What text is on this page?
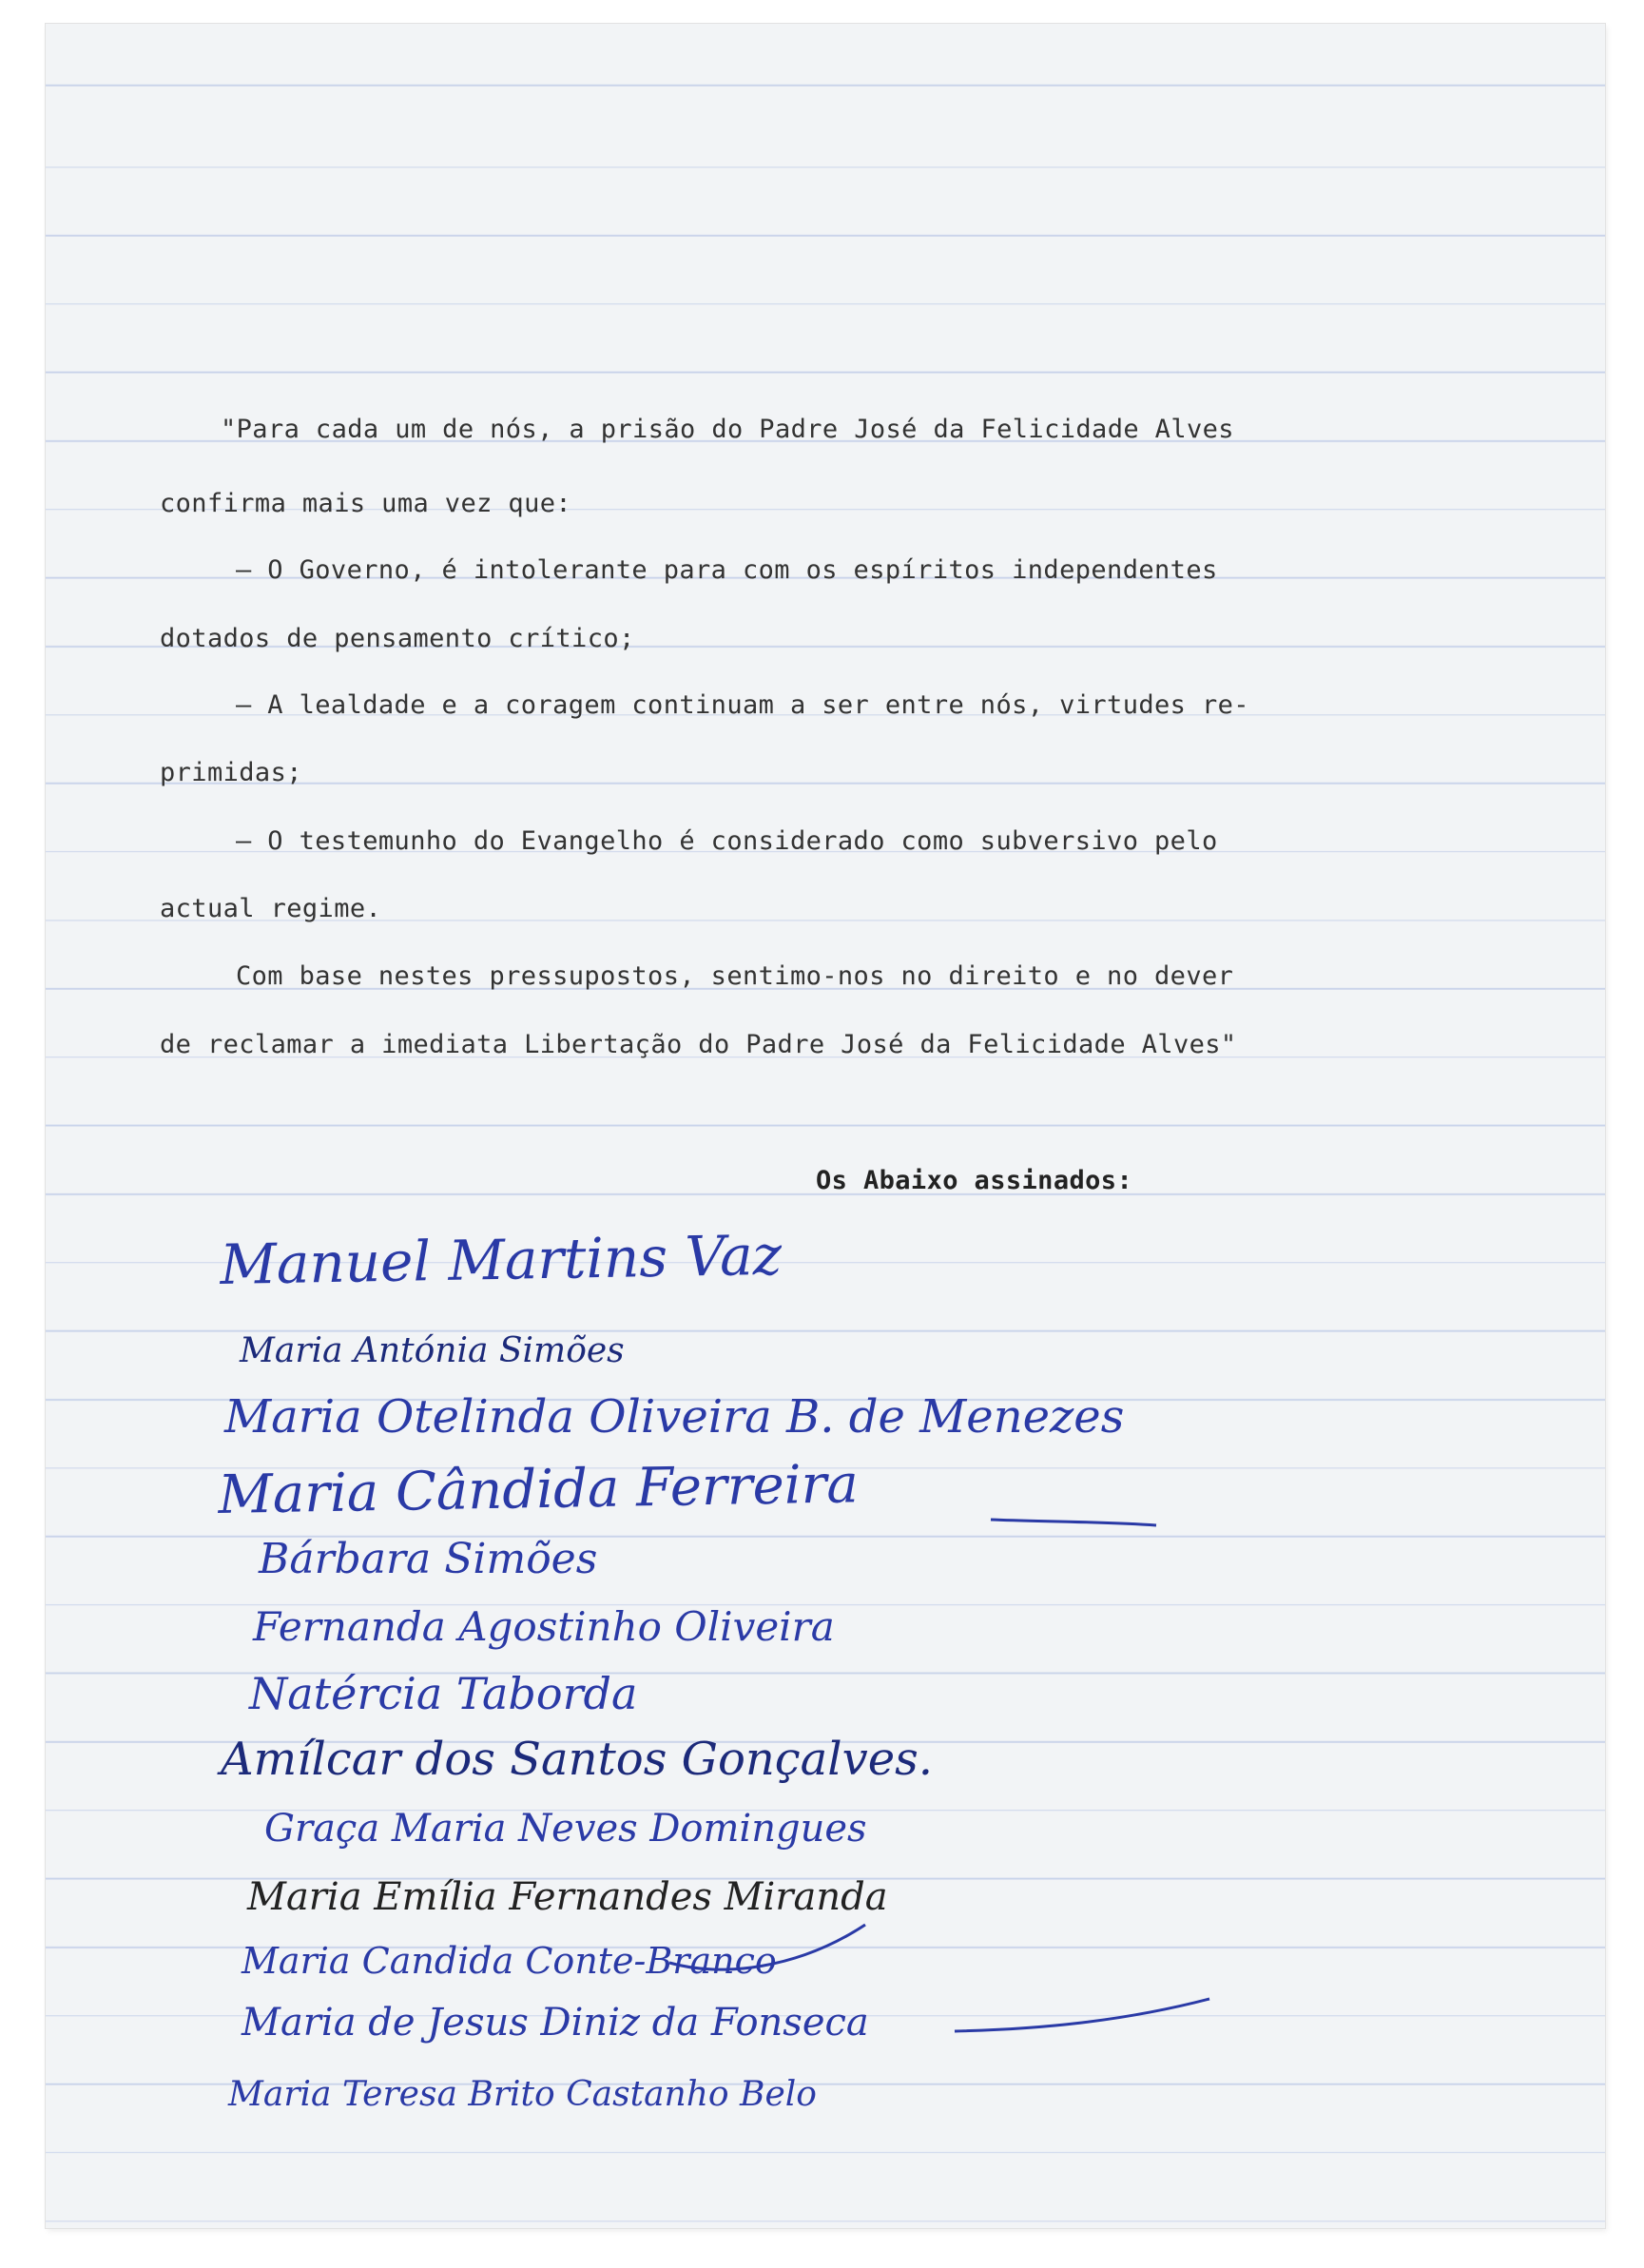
"Para cada um de nós, a prisão do Padre José da Felicidade Alves
confirma mais uma vez que:
— O Governo, é intolerante para com os espíritos independentes
dotados de pensamento crítico;
— A lealdade e a coragem continuam a ser entre nós, virtudes re-
primidas;
— O testemunho do Evangelho é considerado como subversivo pelo
actual regime.
Com base nestes pressupostos, sentimo-nos no direito e no dever
de reclamar a imediata Libertação do Padre José da Felicidade Alves"
Os Abaixo assinados:
Manuel Martins Vaz
Maria Antónia Simões
Maria Otelinda Oliveira B. de Menezes
Maria Cândida Ferreira
Bárbara Simões
Fernanda Agostinho Oliveira
Natércia Taborda
Amílcar dos Santos Gonçalves.
Graça Maria Neves Domingues
Maria Emília Fernandes Miranda
Maria Candida Conte-Branco
Maria de Jesus Diniz da Fonseca
Maria Teresa Brito Castanho Belo
